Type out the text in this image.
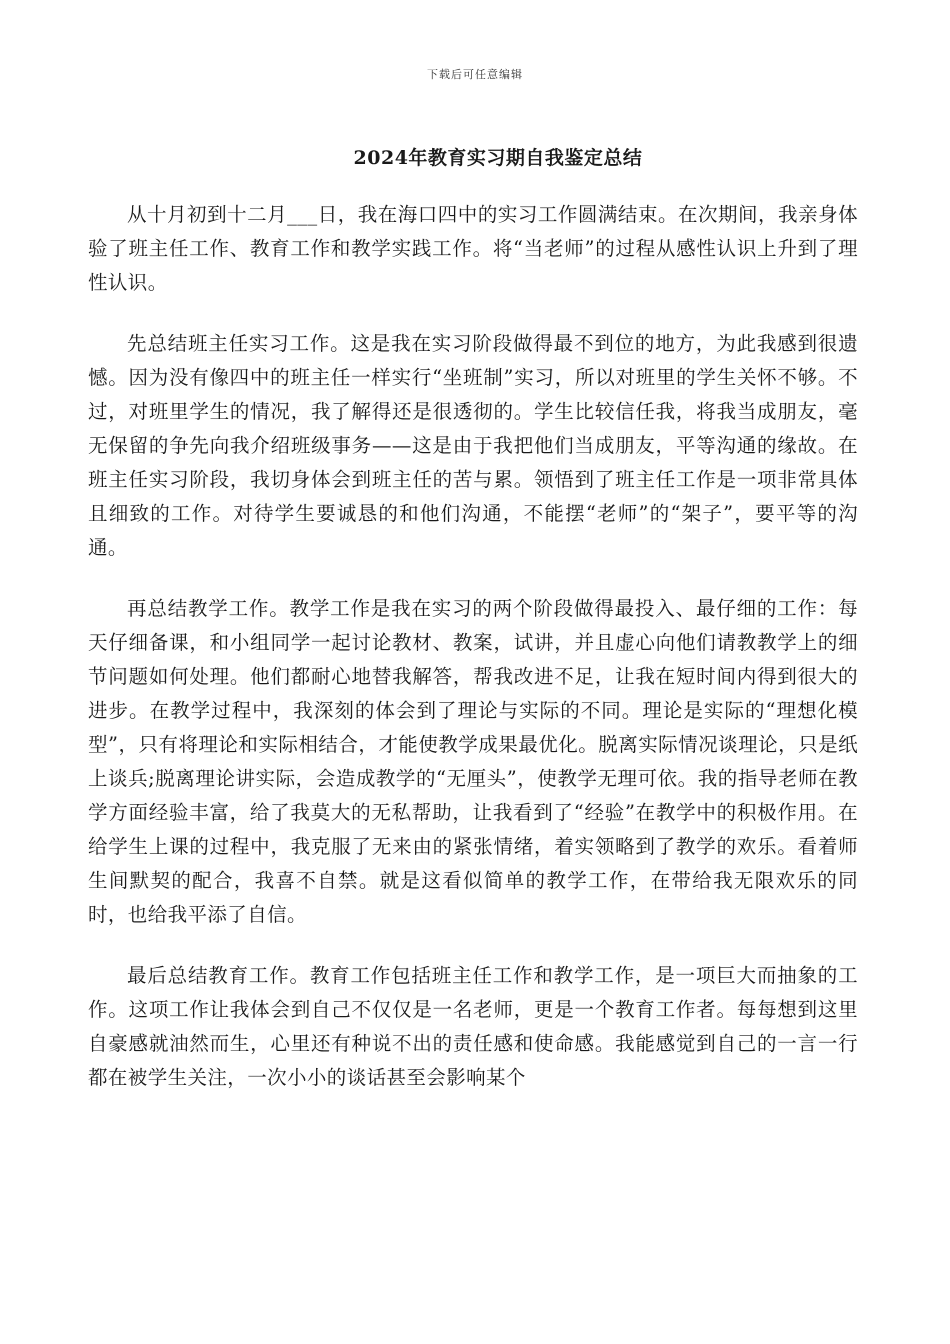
下载后可任意编辑
2024年教育实习期自我鉴定总结

从十月初到十二月___日，我在海口四中的实习工作圆满结束。在次期间，我亲身体验了班主任工作、教育工作和教学实践工作。将“当老师”的过程从感性认识上升到了理性认识。

先总结班主任实习工作。这是我在实习阶段做得最不到位的地方，为此我感到很遗憾。因为没有像四中的班主任一样实行“坐班制”实习，所以对班里的学生关怀不够。不过，对班里学生的情况，我了解得还是很透彻的。学生比较信任我，将我当成朋友，毫无保留的争先向我介绍班级事务——这是由于我把他们当成朋友，平等沟通的缘故。在班主任实习阶段，我切身体会到班主任的苦与累。领悟到了班主任工作是一项非常具体且细致的工作。对待学生要诚恳的和他们沟通，不能摆“老师”的“架子”，要平等的沟通。

再总结教学工作。教学工作是我在实习的两个阶段做得最投入、最仔细的工作：每天仔细备课，和小组同学一起讨论教材、教案，试讲，并且虚心向他们请教教学上的细节问题如何处理。他们都耐心地替我解答，帮我改进不足，让我在短时间内得到很大的进步。在教学过程中，我深刻的体会到了理论与实际的不同。理论是实际的“理想化模型”，只有将理论和实际相结合，才能使教学成果最优化。脱离实际情况谈理论，只是纸上谈兵;脱离理论讲实际，会造成教学的“无厘头”，使教学无理可依。我的指导老师在教学方面经验丰富，给了我莫大的无私帮助，让我看到了“经验”在教学中的积极作用。在给学生上课的过程中，我克服了无来由的紧张情绪，着实领略到了教学的欢乐。看着师生间默契的配合，我喜不自禁。就是这看似简单的教学工作，在带给我无限欢乐的同时，也给我平添了自信。

最后总结教育工作。教育工作包括班主任工作和教学工作，是一项巨大而抽象的工作。这项工作让我体会到自己不仅仅是一名老师，更是一个教育工作者。每每想到这里自豪感就油然而生，心里还有种说不出的责任感和使命感。我能感觉到自己的一言一行都在被学生关注，一次小小的谈话甚至会影响某个
